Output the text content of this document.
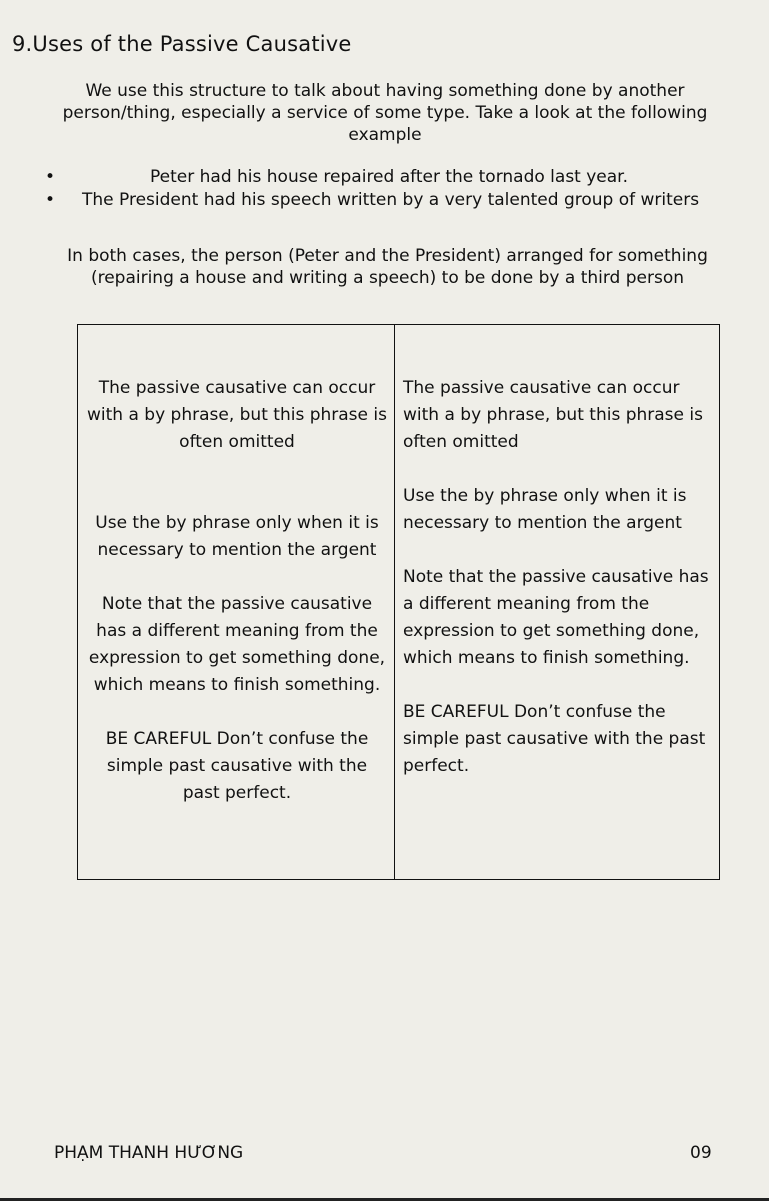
9.Uses of the Passive Causative
We use this structure to talk about having something done by another person/thing, especially a service of some type. Take a look at the following example
•	Peter had his house repaired after the tornado last year.
• The President had his speech written by a very talented group of writers
In both cases, the person (Peter and the President) arranged for something (repairing a house and writing a speech) to be done by a third person

The passive causative can occur with a by phrase, but this phrase is often omitted

Use the by phrase only when it is necessary to mention the argent

Note that the passive causative has a different meaning from the expression to get something done, which means to finish something.

BE CAREFUL Don’t confuse the simple past causative with the past perfect.

The passive causative can occur with a by phrase, but this phrase is often omitted

Use the by phrase only when it is necessary to mention the argent

Note that the passive causative has a different meaning from the expression to get something done, which means to finish something.

BE CAREFUL Don’t confuse the simple past causative with the past perfect.

PHẠM THANH HƯƠNG	09
